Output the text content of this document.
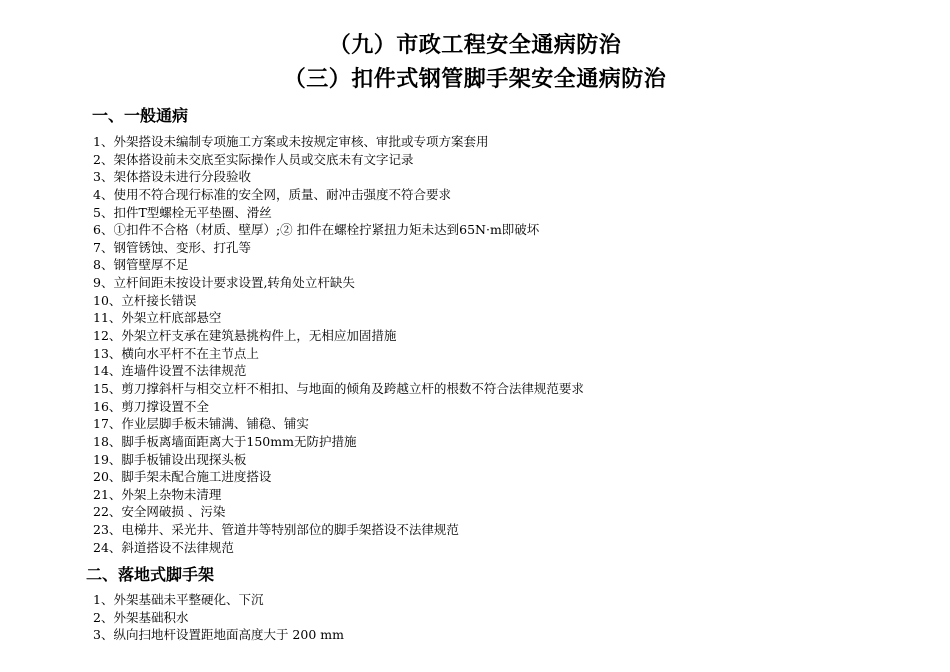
（九）市政工程安全通病防治
（三）扣件式钢管脚手架安全通病防治
一、一般通病
1、外架搭设未编制专项施工方案或未按规定审核、审批或专项方案套用
2、架体搭设前未交底至实际操作人员或交底未有文字记录
3、架体搭设未进行分段验收
4、使用不符合现行标准的安全网，质量、耐冲击强度不符合要求
5、扣件T型螺栓无平垫圈、滑丝
6、①扣件不合格（材质、壁厚）;② 扣件在螺栓拧紧扭力矩未达到65N·m即破坏
7、钢管锈蚀、变形、打孔等
8、钢管壁厚不足
9、立杆间距未按设计要求设置,转角处立杆缺失
10、立杆接长错误
11、外架立杆底部悬空
12、外架立杆支承在建筑悬挑构件上，无相应加固措施
13、横向水平杆不在主节点上
14、连墙件设置不法律规范
15、剪刀撑斜杆与相交立杆不相扣、与地面的倾角及跨越立杆的根数不符合法律规范要求
16、剪刀撑设置不全
17、作业层脚手板未铺满、铺稳、铺实
18、脚手板离墙面距离大于150mm无防护措施
19、脚手板铺设出现探头板
20、脚手架未配合施工进度搭设
21、外架上杂物未清理
22、安全网破损 、污染
23、电梯井、采光井、管道井等特别部位的脚手架搭设不法律规范
24、斜道搭设不法律规范
二、落地式脚手架
1、外架基础未平整硬化、下沉
2、外架基础积水
3、纵向扫地杆设置距地面高度大于 200 mm
